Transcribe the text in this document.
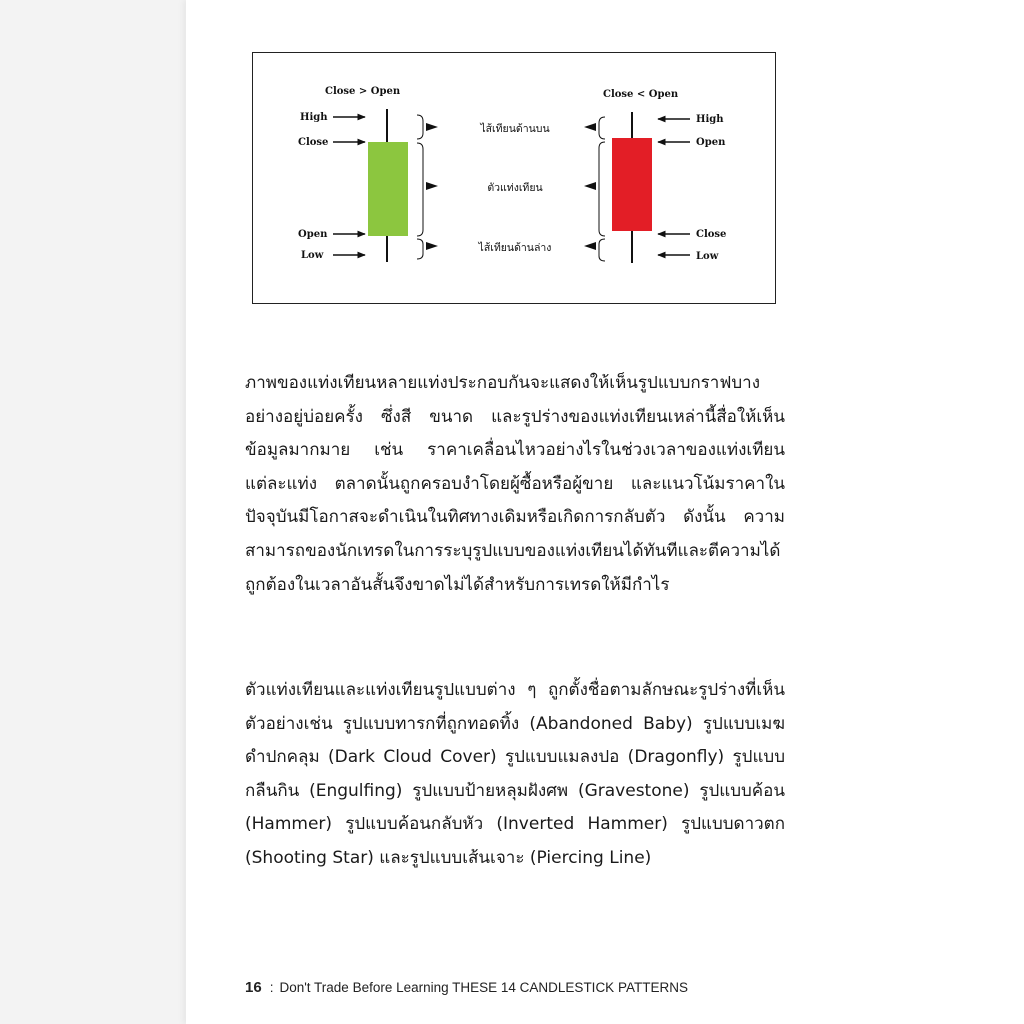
Close > Open
High
Close
Open
Low
ไส้เทียนด้านบน
ตัวแท่งเทียน
ไส้เทียนด้านล่าง
Close < Open
High
Open
Close
Low

ภาพของแท่งเทียนหลายแท่งประกอบกันจะแสดงให้เห็นรูปแบบกราฟบางอย่างอยู่บ่อยครั้ง ซึ่งสี ขนาด และรูปร่างของแท่งเทียนเหล่านี้สื่อให้เห็นข้อมูลมากมาย เช่น ราคาเคลื่อนไหวอย่างไรในช่วงเวลาของแท่งเทียนแต่ละแท่ง ตลาดนั้นถูกครอบงำโดยผู้ซื้อหรือผู้ขาย และแนวโน้มราคาในปัจจุบันมีโอกาสจะดำเนินในทิศทางเดิมหรือเกิดการกลับตัว ดังนั้น ความสามารถของนักเทรดในการระบุรูปแบบของแท่งเทียนได้ทันทีและตีความได้ถูกต้องในเวลาอันสั้นจึงขาดไม่ได้สำหรับการเทรดให้มีกำไร

ตัวแท่งเทียนและแท่งเทียนรูปแบบต่าง ๆ ถูกตั้งชื่อตามลักษณะรูปร่างที่เห็น ตัวอย่างเช่น รูปแบบทารกที่ถูกทอดทิ้ง (Abandoned Baby) รูปแบบเมฆดำปกคลุม (Dark Cloud Cover) รูปแบบแมลงปอ (Dragonfly) รูปแบบกลืนกิน (Engulfing) รูปแบบป้ายหลุมฝังศพ (Gravestone) รูปแบบค้อน (Hammer) รูปแบบค้อนกลับหัว (Inverted Hammer) รูปแบบดาวตก (Shooting Star) และรูปแบบเส้นเจาะ (Piercing Line)

16 : Don't Trade Before Learning THESE 14 CANDLESTICK PATTERNS
